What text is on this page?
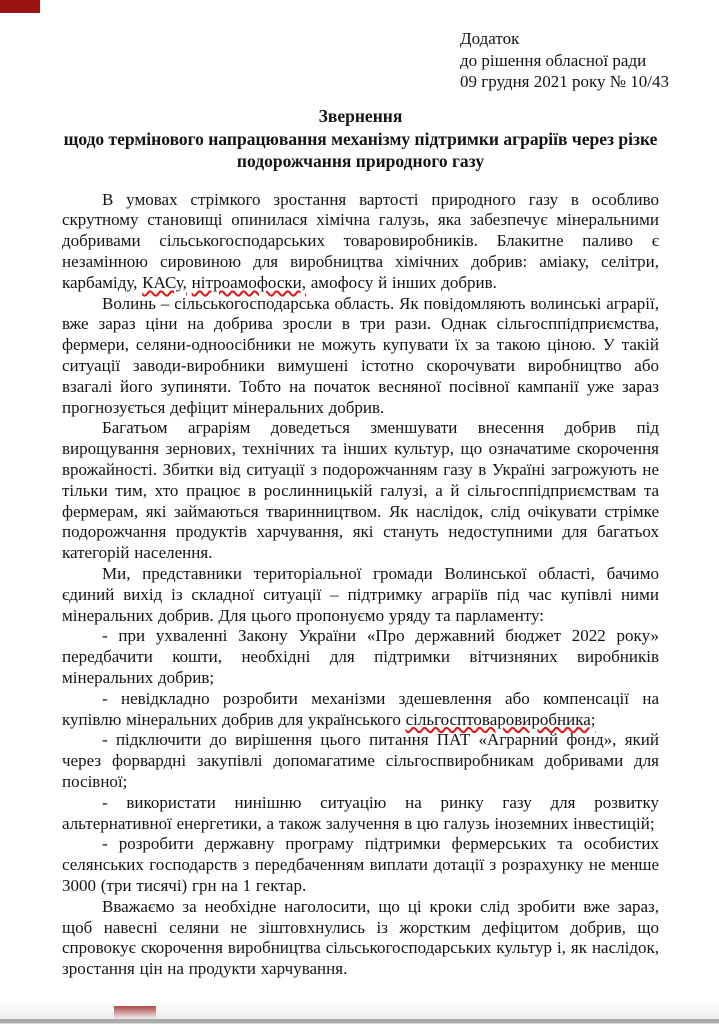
Додаток
до рішення обласної ради
09 грудня 2021 року № 10/43
Звернення
щодо термінового напрацювання механізму підтримки аграріїв через різке
подорожчання природного газу

В умовах стрімкого зростання вартості природного газу в особливо скрутному становищі опинилася хімічна галузь, яка забезпечує мінеральними добривами сільськогосподарських товаровиробників. Блакитне паливо є незамінною сировиною для виробництва хімічних добрив: аміаку, селітри, карбаміду, КАСу, нітроамофоски, амофосу й інших добрив.

Волинь – сільськогосподарська область. Як повідомляють волинські аграрії, вже зараз ціни на добрива зросли в три рази. Однак сільгосппідприємства, фермери, селяни-одноосібники не можуть купувати їх за такою ціною. У такій ситуації заводи-виробники вимушені істотно скорочувати виробництво або взагалі його зупиняти. Тобто на початок весняної посівної кампанії уже зараз прогнозується дефіцит мінеральних добрив.

Багатьом аграріям доведеться зменшувати внесення добрив під вирощування зернових, технічних та інших культур, що означатиме скорочення врожайності. Збитки від ситуації з подорожчанням газу в Україні загрожують не тільки тим, хто працює в рослинницькій галузі, а й сільгосппідприємствам та фермерам, які займаються тваринництвом. Як наслідок, слід очікувати стрімке подорожчання продуктів харчування, які стануть недоступними для багатьох категорій населення.

Ми, представники територіальної громади Волинської області, бачимо єдиний вихід із складної ситуації – підтримку аграріїв під час купівлі ними мінеральних добрив. Для цього пропонуємо уряду та парламенту:

- при ухваленні Закону України «Про державний бюджет 2022 року» передбачити кошти, необхідні для підтримки вітчизняних виробників мінеральних добрив;

- невідкладно розробити механізми здешевлення або компенсації на купівлю мінеральних добрив для українського сільгосптоваровиробника;

- підключити до вирішення цього питання ПАТ «Аграрний фонд», який через форвардні закупівлі допомагатиме сільгоспвиробникам добривами для посівної;

- використати нинішню ситуацію на ринку газу для розвитку альтернативної енергетики, а також залучення в цю галузь іноземних інвестицій;

- розробити державну програму підтримки фермерських та особистих селянських господарств з передбаченням виплати дотації з розрахунку не менше 3000 (три тисячі) грн на 1 гектар.

Вважаємо за необхідне наголосити, що ці кроки слід зробити вже зараз, щоб навесні селяни не зіштовхнулись із жорстким дефіцитом добрив, що спровокує скорочення виробництва сільськогосподарських культур і, як наслідок, зростання цін на продукти харчування.
